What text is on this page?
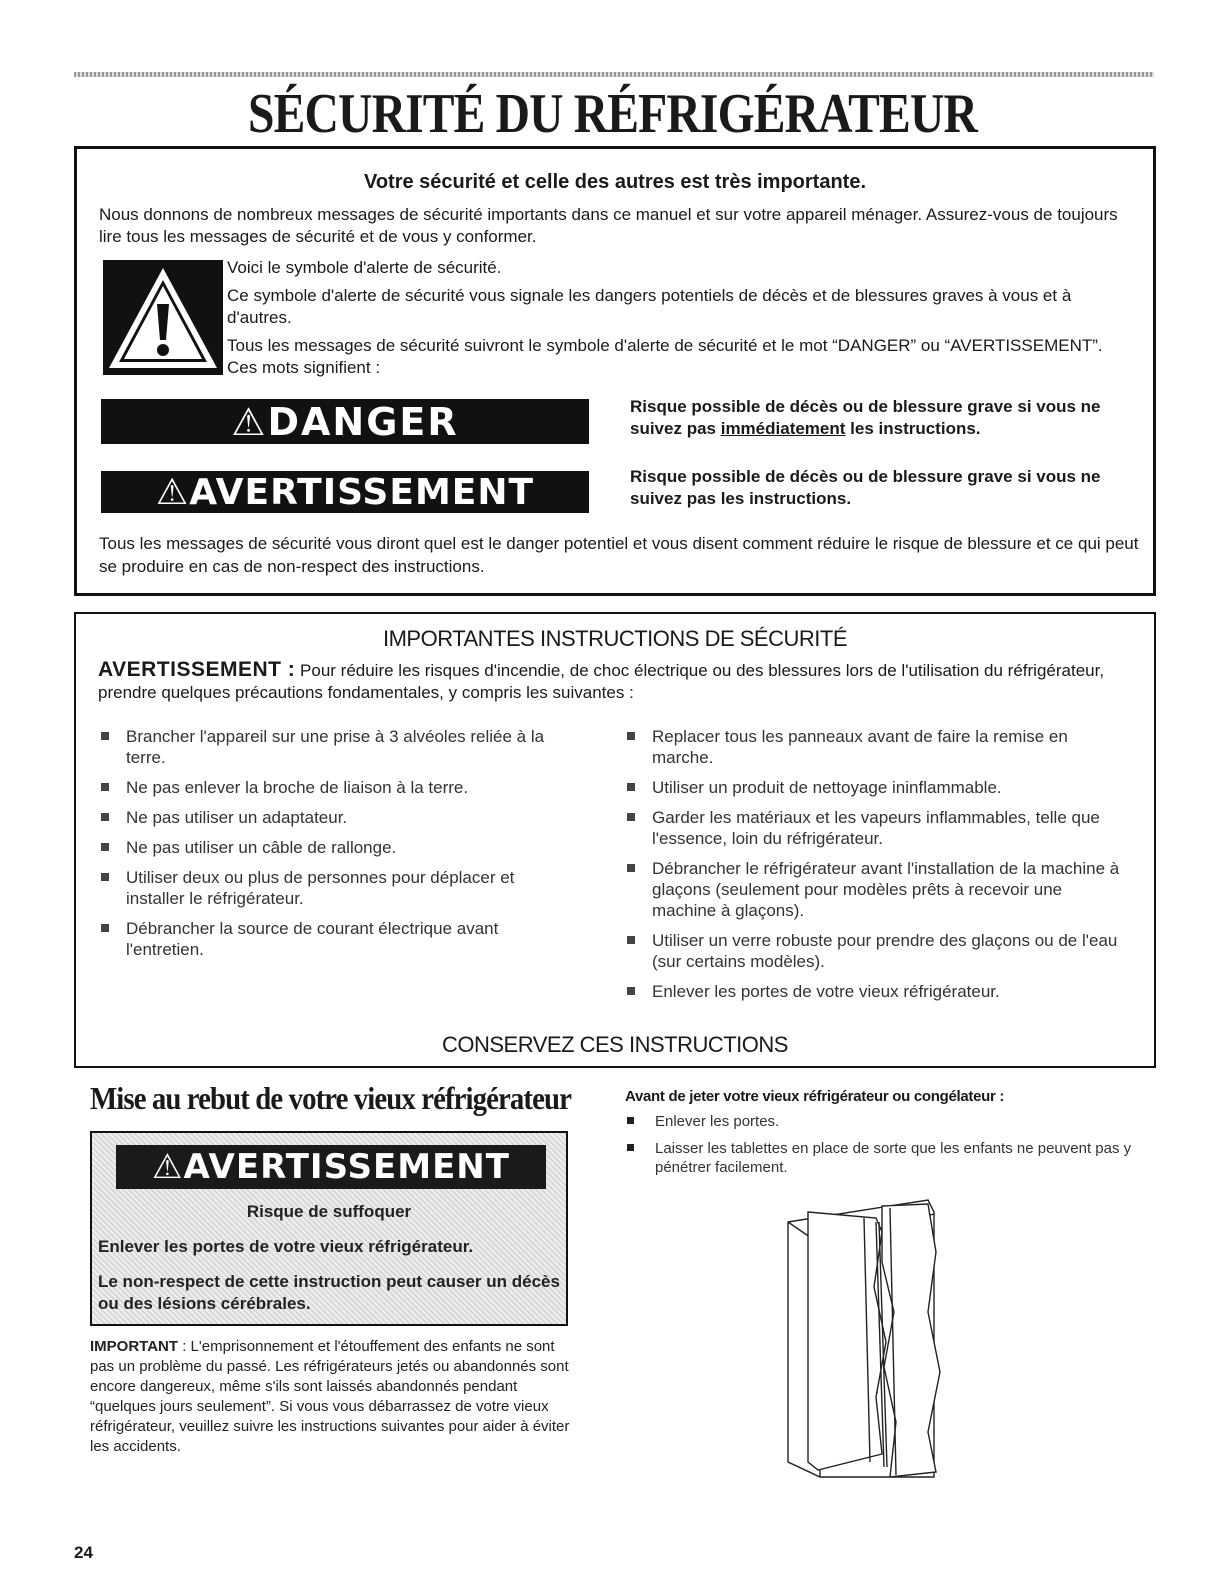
SÉCURITÉ DU RÉFRIGÉRATEUR
Votre sécurité et celle des autres est très importante.

Nous donnons de nombreux messages de sécurité importants dans ce manuel et sur votre appareil ménager. Assurez-vous de toujours lire tous les messages de sécurité et de vous y conformer.

Voici le symbole d'alerte de sécurité.

Ce symbole d'alerte de sécurité vous signale les dangers potentiels de décès et de blessures graves à vous et à d'autres.

Tous les messages de sécurité suivront le symbole d'alerte de sécurité et le mot “DANGER” ou “AVERTISSEMENT”. Ces mots signifient :

⚠DANGER	Risque possible de décès ou de blessure grave si vous ne suivez pas immédiatement les instructions.
⚠AVERTISSEMENT	Risque possible de décès ou de blessure grave si vous ne suivez pas les instructions.

Tous les messages de sécurité vous diront quel est le danger potentiel et vous disent comment réduire le risque de blessure et ce qui peut se produire en cas de non-respect des instructions.

IMPORTANTES INSTRUCTIONS DE SÉCURITÉ

AVERTISSEMENT : Pour réduire les risques d'incendie, de choc électrique ou des blessures lors de l'utilisation du réfrigérateur, prendre quelques précautions fondamentales, y compris les suivantes :

Brancher l'appareil sur une prise à 3 alvéoles reliée à la terre.
Ne pas enlever la broche de liaison à la terre.
Ne pas utiliser un adaptateur.
Ne pas utiliser un câble de rallonge.
Utiliser deux ou plus de personnes pour déplacer et installer le réfrigérateur.
Débrancher la source de courant électrique avant l'entretien.
Replacer tous les panneaux avant de faire la remise en marche.
Utiliser un produit de nettoyage ininflammable.
Garder les matériaux et les vapeurs inflammables, telle que l'essence, loin du réfrigérateur.
Débrancher le réfrigérateur avant l'installation de la machine à glaçons (seulement pour modèles prêts à recevoir une machine à glaçons).
Utiliser un verre robuste pour prendre des glaçons ou de l'eau (sur certains modèles).
Enlever les portes de votre vieux réfrigérateur.
CONSERVEZ CES INSTRUCTIONS
Mise au rebut de votre vieux réfrigérateur
⚠AVERTISSEMENT
Risque de suffoquer
Enlever les portes de votre vieux réfrigérateur.
Le non-respect de cette instruction peut causer un décès ou des lésions cérébrales.

IMPORTANT : L'emprisonnement et l'étouffement des enfants ne sont pas un problème du passé. Les réfrigérateurs jetés ou abandonnés sont encore dangereux, même s'ils sont laissés abandonnés pendant “quelques jours seulement”. Si vous vous débarrassez de votre vieux réfrigérateur, veuillez suivre les instructions suivantes pour aider à éviter les accidents.

Avant de jeter votre vieux réfrigérateur ou congélateur :
Enlever les portes.
Laisser les tablettes en place de sorte que les enfants ne peuvent pas y pénétrer facilement.
24
